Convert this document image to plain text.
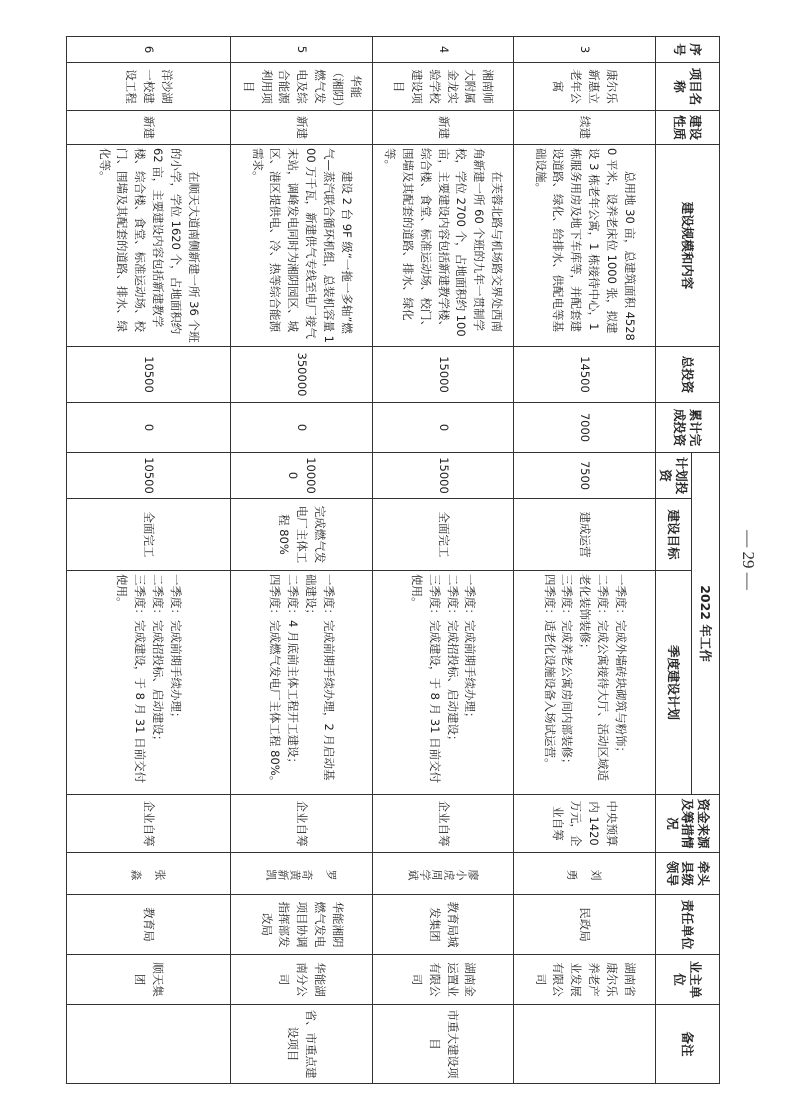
— 29 —
序号	项目名称	建设性质	建设规模和内容	总投资	累计完成投资	2022 年工作			资金来源及筹措情况	牵头县级领导	责任单位	业主单位	备注
						计划投资	建设目标	季度建设计划					
3	康尔乐新惠立老年公寓	续建	总用地 30 亩，总建筑面积 45280 平米，设养老床位 1000 张，拟建设 3 栋老年公寓，1 栋接待中心，1 栋服务用房及地下车库等，并配套建设道路、绿化、给排水、供配电等基础设施。	14500	7000	7500	建成运营	一季度：完成外墙砖块砌筑与粉饰；
二季度：完成公寓接待大厅、活动区域适老化装饰装修；
三季度：完成养老公寓房间内部装修；
四季度：适老化设施设备入场试运营。	中央预算内 1420 万元，企业自筹	刘　勇	民政局	湖南省康尔乐养老产业发展有限公司	
4	湘南师大附属金龙实验学校建设项目	新建	在芙蓉北路与机场路交界处西南角新建一所 60 个班的九年一贯制学校，学位 2700 个，占地面积约 100 亩，主要建设内容包括新建教学楼、综合楼、食堂、标准运动场、校门、围墙及其配套的道路、排水、绿化等。	15000	0	15000	全面完工	一季度：完成前期手续办理；
二季度：完成招投标、启动建设；
三季度：完成建设，于 8 月 31 日前交付使用。	企业自筹	廖小虎周学斌	教育局城发集团	湖南金运置业有限公司	市重大建设项目
5	华能（湘阴）燃气发电及综合能源利用项目	新建	建设 2 台 9F 级“一拖一多轴”燃气—蒸汽联合循环机组，总装机容量 100 万千瓦，新建供气专线至电厂接气末站，调峰发电同时为湘阴园区、城区、港区提供电、冷、热等综合能源需求。	350000	0	100000	完成燃气发电厂主体工程 80%	一季度：完成前期手续办理，2 月启动基础建设；
二季度：4 月底前主体工程开工建设；
四季度：完成燃气发电厂主体工程 80%。	企业自筹	罗　奇黄新凯	华能湘阴燃气发电项目协调指挥部发改局	华能湖南分公司	省、市重点建设项目
6	洋沙湖一校建设工程	新建	在顺天大道南侧新建一所 36 个班的小学，学位 1620 个，占地面积约 62 亩，主要建设内容包括新建教学楼、综合楼、食堂、标准运动场、校门、围墙及其配套的道路、排水、绿化等。	10500	0	10500	全面完工	一季度：完成前期手续办理；
二季度：完成招投标、启动建设；
三季度：完成建设，于 8 月 31 日前交付使用。	企业自筹	张　淼	教育局	顺天集团	
